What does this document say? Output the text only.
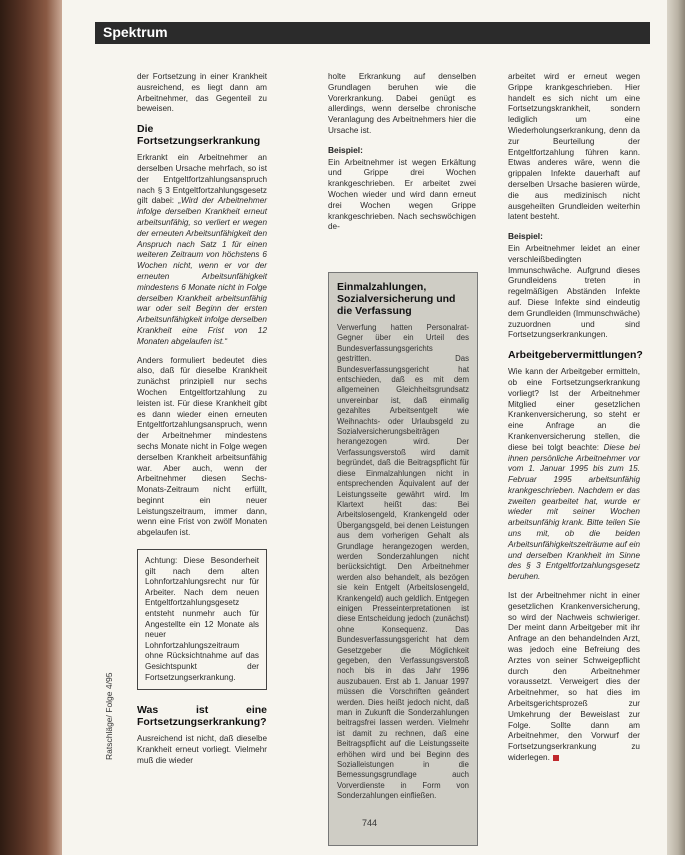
Spektrum

der Fortsetzung in einer Krankheit ausreichend, es liegt dann am Arbeitnehmer, das Gegenteil zu beweisen.

Die Fortsetzungserkrankung

Erkrankt ein Arbeitnehmer an derselben Ursache mehrfach, so ist der Entgeltfortzahlungsanspruch nach § 3 Entgeltfortzahlungsgesetz gilt dabei: „Wird der Arbeitnehmer infolge derselben Krankheit erneut arbeitsunfähig, so verliert er wegen der erneuten Arbeitsunfähigkeit den Anspruch nach Satz 1 für einen weiteren Zeitraum von höchstens 6 Wochen nicht, wenn er vor der erneuten Arbeitsunfähigkeit mindestens 6 Monate nicht in Folge derselben Krankheit arbeitsunfähig war oder seit Beginn der ersten Arbeitsunfähigkeit infolge derselben Krankheit eine Frist von 12 Monaten abgelaufen ist.“

Anders formuliert bedeutet dies also, daß für dieselbe Krankheit zunächst prinzipiell nur sechs Wochen Entgeltfortzahlung zu leisten ist. Für diese Krankheit gibt es dann wieder einen erneuten Entgeltfortzahlungsanspruch, wenn der Arbeitnehmer mindestens sechs Monate nicht in Folge wegen derselben Krankheit arbeitsunfähig war. Aber auch, wenn der Arbeitnehmer diesen Sechs-Monats-Zeitraum nicht erfüllt, beginnt ein neuer Leistungszeitraum, immer dann, wenn eine Frist von zwölf Monaten abgelaufen ist.

Achtung: Diese Besonderheit gilt nach dem alten Lohnfortzahlungsrecht nur für Arbeiter. Nach dem neuen Entgeltfortzahlungsgesetz entsteht nunmehr auch für Angestellte ein 12 Monate als neuer Lohnfortzahlungszeitraum ohne Rücksichtnahme auf das Gesichtspunkt der Fortsetzungserkrankung.
Was ist eine Fortsetzungserkrankung?

Ausreichend ist nicht, daß dieselbe Krankheit erneut vorliegt. Vielmehr muß die wieder

holte Erkrankung auf denselben Grundlagen beruhen wie die Vorerkrankung. Dabei genügt es allerdings, wenn derselbe chronische Veranlagung des Arbeitnehmers hier die Ursache ist.

Beispiel:

Ein Arbeitnehmer ist wegen Erkältung und Grippe drei Wochen krankgeschrieben. Er arbeitet zwei Wochen wieder und wird dann erneut drei Wochen wegen Grippe krankgeschrieben. Nach sechswöchigen de-

Einmalzahlungen, Sozialversicherung und die Verfassung
Verwerfung hatten Personalrat-Gegner über ein Urteil des Bundesverfassungsgerichts gestritten. Das Bundesverfassungsgericht hat entschieden, daß es mit dem allgemeinen Gleichheitsgrundsatz unvereinbar ist, daß einmalig gezahltes Arbeitsentgelt wie Weihnachts- oder Urlaubsgeld zu Sozialversicherungsbeiträgen herangezogen wird. Der Verfassungsverstoß wird damit begründet, daß die Beitragspflicht für diese Einmalzahlungen nicht in entsprechenden Äquivalent auf der Leistungsseite gewährt wird. Im Klartext heißt das: Bei Arbeitslosengeld, Krankengeld oder Übergangsgeld, bei denen Leistungen aus dem vorherigen Gehalt als Grundlage herangezogen werden, werden Sonderzahlungen nicht berücksichtigt. Den Arbeitnehmer werden also behandelt, als bezögen sie kein Entgelt (Arbeitslosengeld, Krankengeld) auch geldlich. Entgegen einigen Presseinterpretationen ist diese Entscheidung jedoch (zunächst) ohne Konsequenz. Das Bundesverfassungsgericht hat dem Gesetzgeber die Möglichkeit gegeben, den Verfassungsverstoß noch bis in das Jahr 1996 auszubauen. Erst ab 1. Januar 1997 müssen die Vorschriften geändert werden. Dies heißt jedoch nicht, daß man in Zukunft die Sonderzahlungen beitragsfrei lassen werden. Vielmehr ist damit zu rechnen, daß eine Beitragspflicht auf die Leistungsseite erhöhen wird und bei Beginn des Sozialleistungen in die Bemessungsgrundlage auch Vorverdienste in Form von Sonderzahlungen einfließen.

arbeitet wird er erneut wegen Grippe krankgeschrieben. Hier handelt es sich nicht um eine Fortsetzungskrankheit, sondern lediglich um eine Wiederholungserkrankung, denn da zur Beurteilung der Entgeltfortzahlung führen kann. Etwas anderes wäre, wenn die grippalen Infekte dauerhaft auf derselben Ursache basieren würde, die aus medizinisch nicht ausgeheilten Grundleiden weiterhin latent besteht.

Beispiel:

Ein Arbeitnehmer leidet an einer verschleißbedingten Immunschwäche. Aufgrund dieses Grundleidens treten in regelmäßigen Abständen Infekte auf. Diese Infekte sind eindeutig dem Grundleiden (Immunschwäche) zuzuordnen und sind Fortsetzungserkrankungen.

Arbeitgebervermittlungen?

Wie kann der Arbeitgeber ermitteln, ob eine Fortsetzungserkrankung vorliegt? Ist der Arbeitnehmer Mitglied einer gesetzlichen Krankenversicherung, so steht er eine Anfrage an die Krankenversicherung stellen, die diese bei tolgt beachte: Diese bei ihnen persönliche Arbeitnehmer vor vom 1. Januar 1995 bis zum 15. Februar 1995 arbeitsunfähig krankgeschrieben. Nachdem er das zweiten gearbeitet hat, wurde er wieder mit seiner Wochen arbeitsunfähig krank. Bitte teilen Sie uns mit, ob die beiden Arbeitsunfähigkeitszeiträume auf ein und derselben Krankheit im Sinne des § 3 Entgeltfortzahlungsgesetz beruhen.

Ist der Arbeitnehmer nicht in einer gesetzlichen Krankenversicherung, so wird der Nachweis schwieriger. Der meint dann Arbeitgeber mit ihr Anfrage an den behandelnden Arzt, was jedoch eine Befreiung des Arztes von seiner Schweigepflicht durch den Arbeitnehmer voraussetzt. Verweigert dies der Arbeitnehmer, so hat dies im Arbeitsgerichtsprozeß zur Umkehrung der Beweislast zur Folge. Sollte dann am Arbeitnehmer, den Vorwurf der Fortsetzungserkrankung zu widerlegen.

Ratschläge/ Folge 4/95
744
